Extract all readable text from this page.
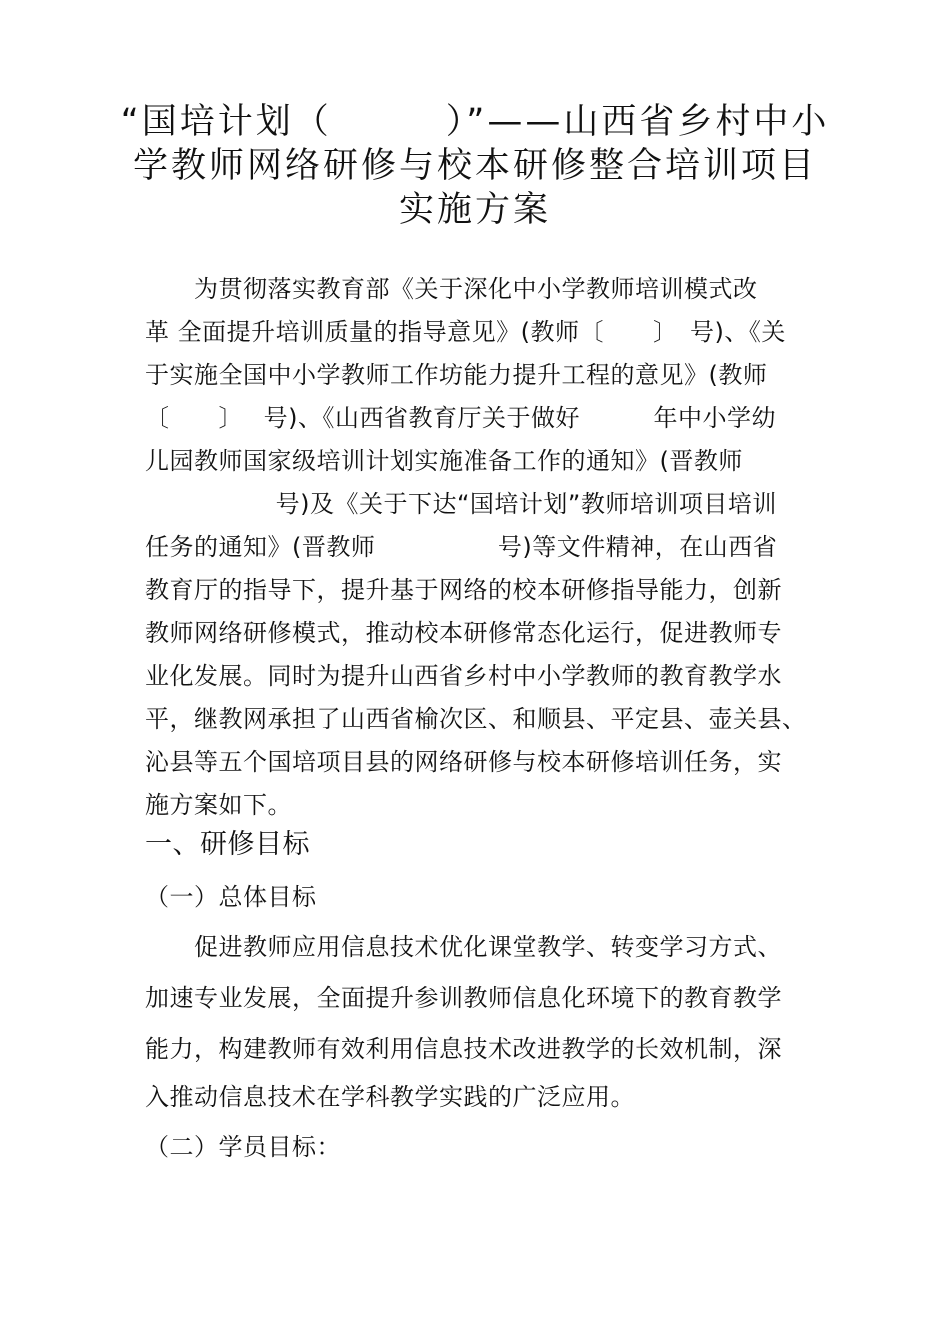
“国培计划（　　　）”——山西省乡村中小
学教师网络研修与校本研修整合培训项目
实施方案
　　为贯彻落实教育部《关于深化中小学教师培训模式改
革 全面提升培训质量的指导意见》(教师〔　　〕　号)、《关
于实施全国中小学教师工作坊能力提升工程的意见》(教师
〔　　〕　 号)、《山西省教育厅关于做好　　　年中小学幼
儿园教师国家级培训计划实施准备工作的通知》(晋教师
　　　　　 号)及《关于下达“国培计划”教师培训项目培训
任务的通知》(晋教师　　　　　号)等文件精神，在山西省
教育厅的指导下，提升基于网络的校本研修指导能力，创新
教师网络研修模式，推动校本研修常态化运行，促进教师专
业化发展。同时为提升山西省乡村中小学教师的教育教学水
平，继教网承担了山西省榆次区、和顺县、平定县、壶关县、
沁县等五个国培项目县的网络研修与校本研修培训任务，实
施方案如下。
一、研修目标
（一）总体目标
　　促进教师应用信息技术优化课堂教学、转变学习方式、
加速专业发展，全面提升参训教师信息化环境下的教育教学
能力，构建教师有效利用信息技术改进教学的长效机制，深
入推动信息技术在学科教学实践的广泛应用。
（二）学员目标：
